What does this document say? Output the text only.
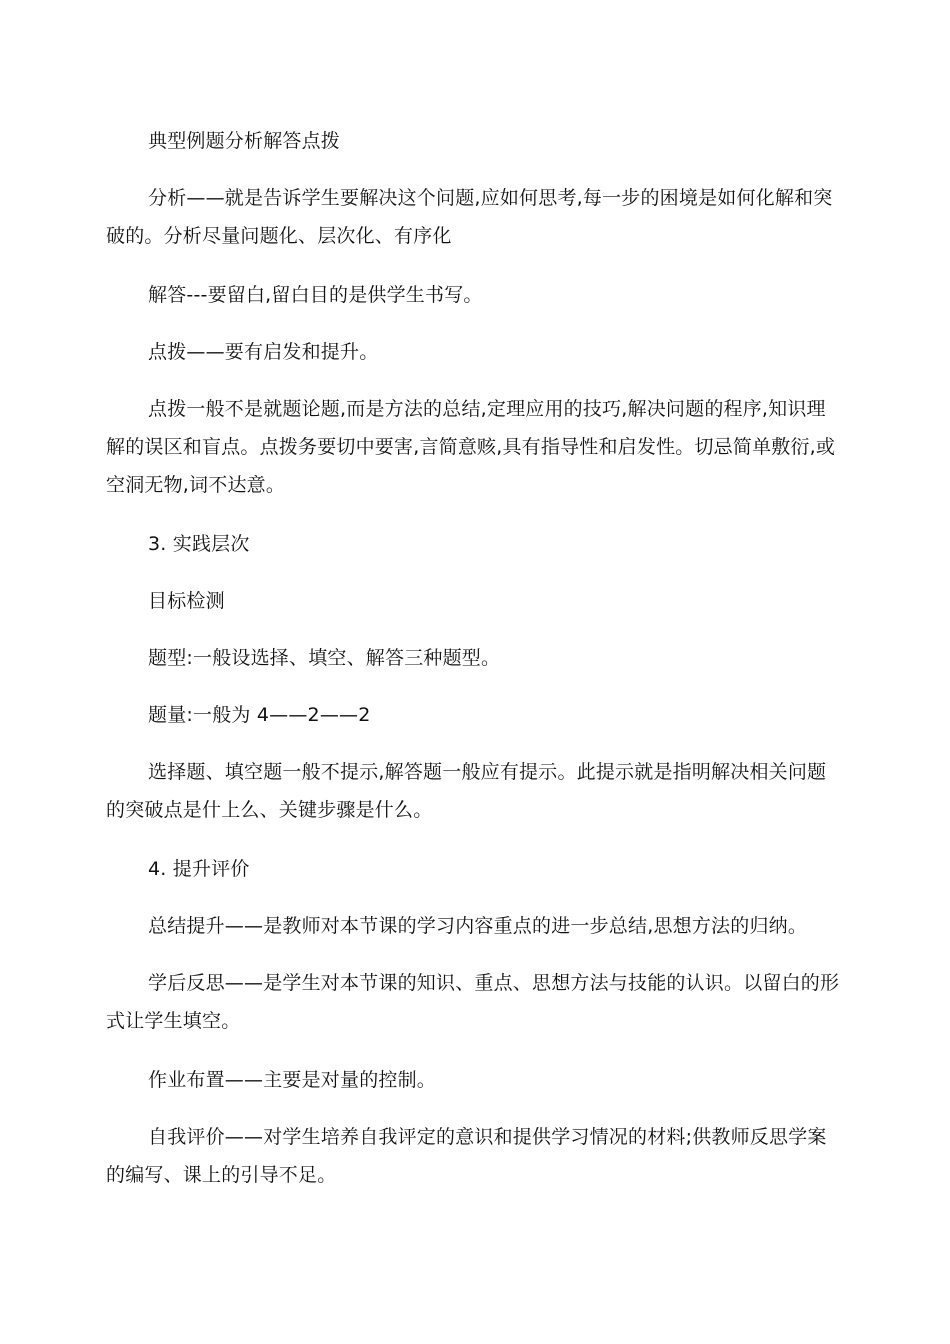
典型例题分析解答点拨

分析——就是告诉学生要解决这个问题,应如何思考,每一步的困境是如何化解和突破的。分析尽量问题化、层次化、有序化

解答---要留白,留白目的是供学生书写。

点拨——要有启发和提升。

点拨一般不是就题论题,而是方法的总结,定理应用的技巧,解决问题的程序,知识理解的误区和盲点。点拨务要切中要害,言简意赅,具有指导性和启发性。切忌简单敷衍,或空洞无物,词不达意。

3. 实践层次

目标检测

题型:一般设选择、填空、解答三种题型。

题量:一般为 4——2——2

选择题、填空题一般不提示,解答题一般应有提示。此提示就是指明解决相关问题的突破点是什上么、关键步骤是什么。

4. 提升评价

总结提升——是教师对本节课的学习内容重点的进一步总结,思想方法的归纳。

学后反思——是学生对本节课的知识、重点、思想方法与技能的认识。以留白的形式让学生填空。

作业布置——主要是对量的控制。

自我评价——对学生培养自我评定的意识和提供学习情况的材料;供教师反思学案的编写、课上的引导不足。
